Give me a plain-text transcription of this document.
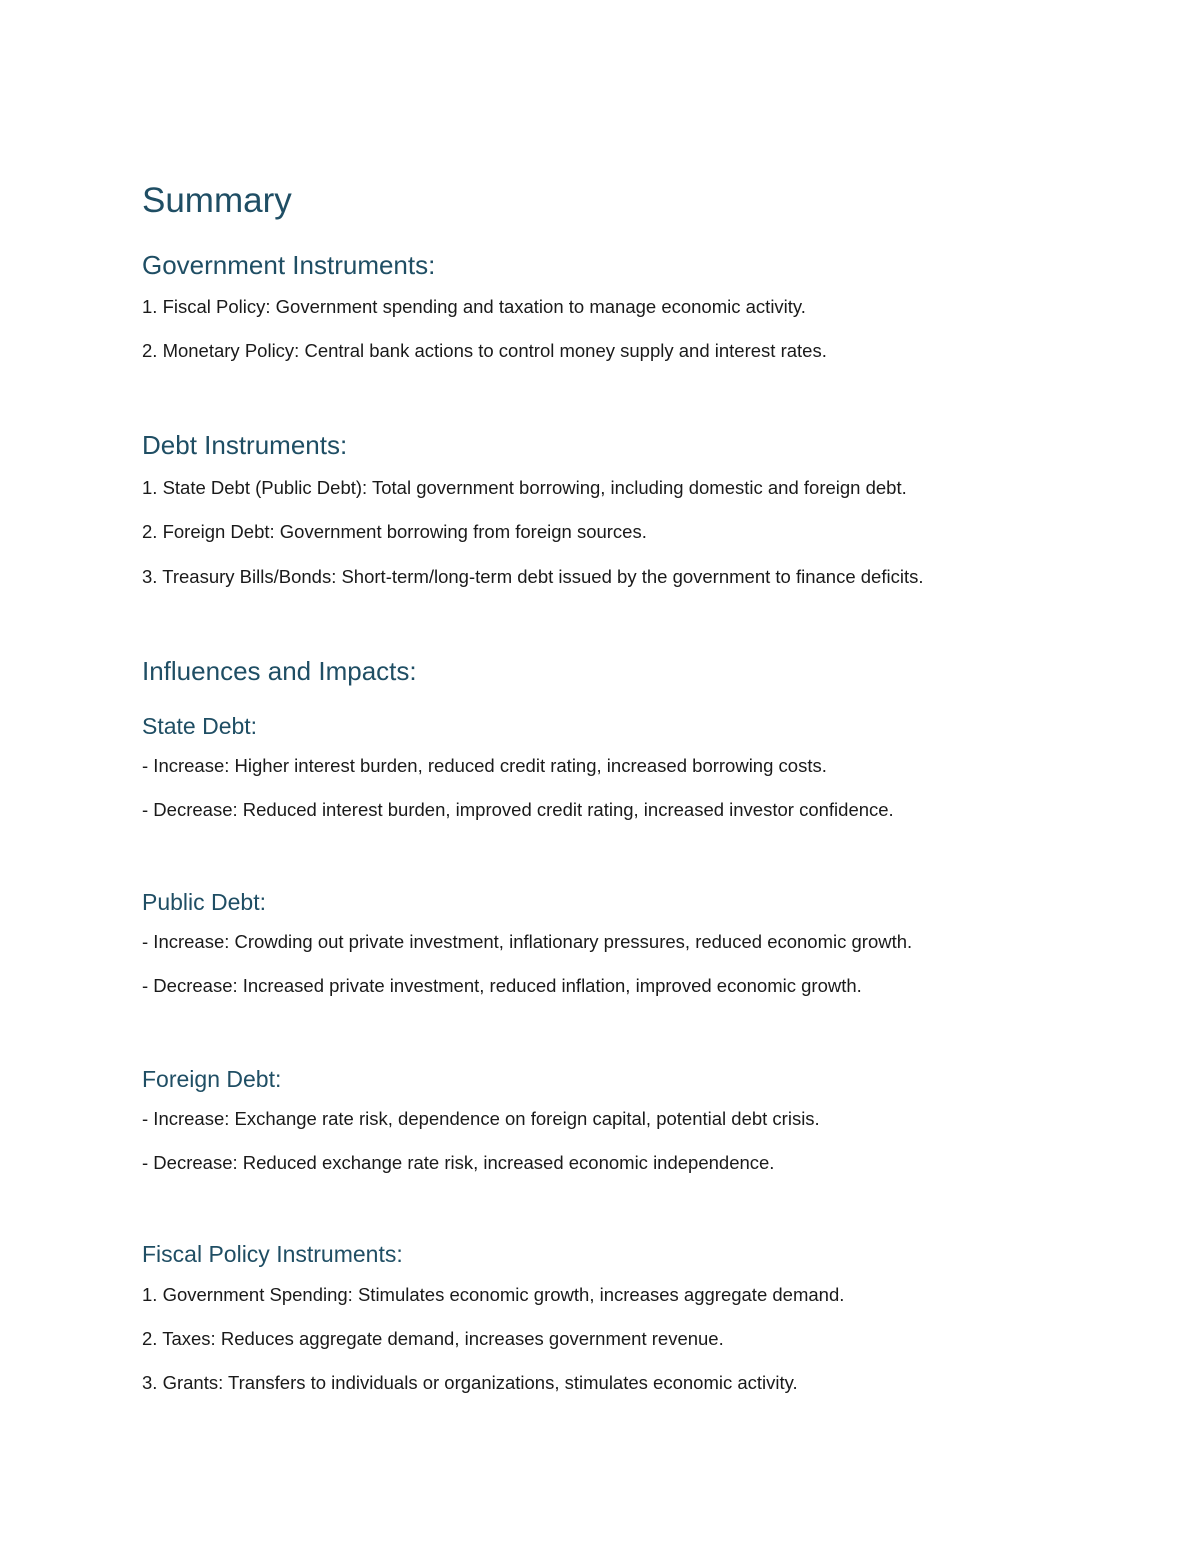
Summary
Government Instruments:
1. Fiscal Policy: Government spending and taxation to manage economic activity.
2. Monetary Policy: Central bank actions to control money supply and interest rates.
Debt Instruments:
1. State Debt (Public Debt): Total government borrowing, including domestic and foreign debt.
2. Foreign Debt: Government borrowing from foreign sources.
3. Treasury Bills/Bonds: Short-term/long-term debt issued by the government to finance deficits.
Influences and Impacts:
State Debt:
- Increase: Higher interest burden, reduced credit rating, increased borrowing costs.
- Decrease: Reduced interest burden, improved credit rating, increased investor confidence.
Public Debt:
- Increase: Crowding out private investment, inflationary pressures, reduced economic growth.
- Decrease: Increased private investment, reduced inflation, improved economic growth.
Foreign Debt:
- Increase: Exchange rate risk, dependence on foreign capital, potential debt crisis.
- Decrease: Reduced exchange rate risk, increased economic independence.
Fiscal Policy Instruments:
1. Government Spending: Stimulates economic growth, increases aggregate demand.
2. Taxes: Reduces aggregate demand, increases government revenue.
3. Grants: Transfers to individuals or organizations, stimulates economic activity.
